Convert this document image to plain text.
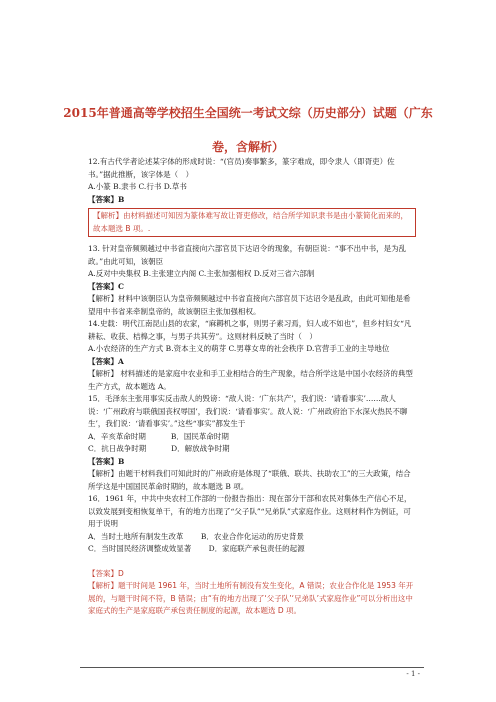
2015年普通高等学校招生全国统一考试文综（历史部分）试题（广东卷，含解析）

12.有古代学者论述某字体的形成时说：“(官员)奏事繁多，篆字难成，即令隶人（即胥吏）佐书。”据此推断，该字体是（　）

A.小篆 B.隶书 C.行书 D.草书

【答案】B

【解析】由材料描述可知因为篆体难写故让胥吏修改，结合所学知识隶书是由小篆简化而来的，故本题选 B 项。.

13. 针对皇帝频频越过中书省直接向六部官员下达诏令的现象，有朝臣说：“事不出中书，是为乱政。”由此可知，该朝臣

A.反对中央集权 B.主张建立内阁 C.主张加强相权 D.反对三省六部制

【答案】C

【解析】材料中该朝臣认为皇帝频频越过中书省直接向六部官员下达诏令是乱政，由此可知他是希望用中书省来牵制皇帝的，故该朝臣主张加强相权。

14.史载：明代江南昆山县的农家，“麻耨机之事，则男子素习焉，妇人或不如也”，但乡村妇女“凡耕耘、收获、桔槔之事，与男子共其劳”。这则材料反映了当时（　）

A.小农经济的生产方式 B.资本主义的萌芽 C.男尊女卑的社会秩序 D.官营手工业的主导地位

【答案】A

【解析】 材料描述的是家庭中农业和手工业相结合的生产现象，结合所学这是中国小农经济的典型生产方式，故本题选 A。

15．毛泽东主张用事实反击敌人的毁谤：“敌人说：‘广东共产’，我们说：‘请看事实’……敌人说：‘广州政府与联俄国丧权辱国’，我们说：‘请看事实’。敌人说：‘广州政府治下水深火热民不聊生’，我们说：‘请看事实’。”这些“事实”都发生于

A．辛亥革命时期   	B．国民革命时期

C．抗日战争时期   	D．解放战争时期

【答案】B

【解析】由题干材料我们可知此时的广州政府是体现了“联俄、联共、扶助农工”的三大政策，结合所学这是中国国民革命时期的，故本题选 B 项。

16．1961 年，中共中央农村工作部的一份报告指出：现在部分干部和农民对集体生产信心不足，以致发展到变相恢复单干，有的地方出现了“父子队”“兄弟队”式家庭作业。这则材料作为例证，可用于说明

A．当时土地所有制发生改革   B．农业合作化运动的历史背景

C．当时国民经济调整成效显著   D．家庭联产承包责任的起源

【答案】D

【解析】题干时间是 1961 年，当时土地所有制没有发生变化，A 错误；农业合作化是 1953 年开展的，与题干时间不符，B 错误；由“有的地方出现了‘父子队’‘兄弟队’式家庭作业”可以分析出这中家庭式的生产是家庭联产承包责任制度的起源，故本题选 D 项。

- 1 -
